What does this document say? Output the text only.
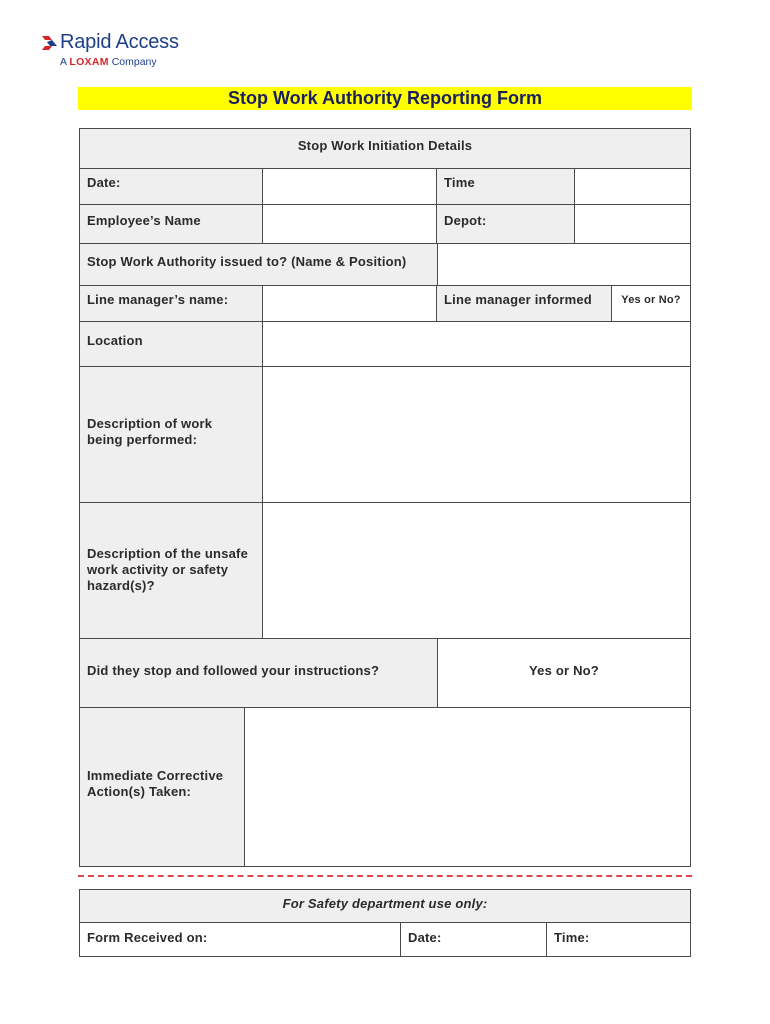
Rapid Access
A LOXAM Company
Stop Work Authority Reporting Form
Stop Work Initiation Details
Date:	Time
Employee’s Name	Depot:
Stop Work Authority issued to? (Name & Position)
Line manager’s name:	Line manager informed	Yes or No?
Location
Description of work being performed:
Description of the unsafe work activity or safety hazard(s)?
Did they stop and followed your instructions?	Yes or No?
Immediate Corrective Action(s) Taken:
For Safety department use only:
Form Received on:	Date:	Time:
